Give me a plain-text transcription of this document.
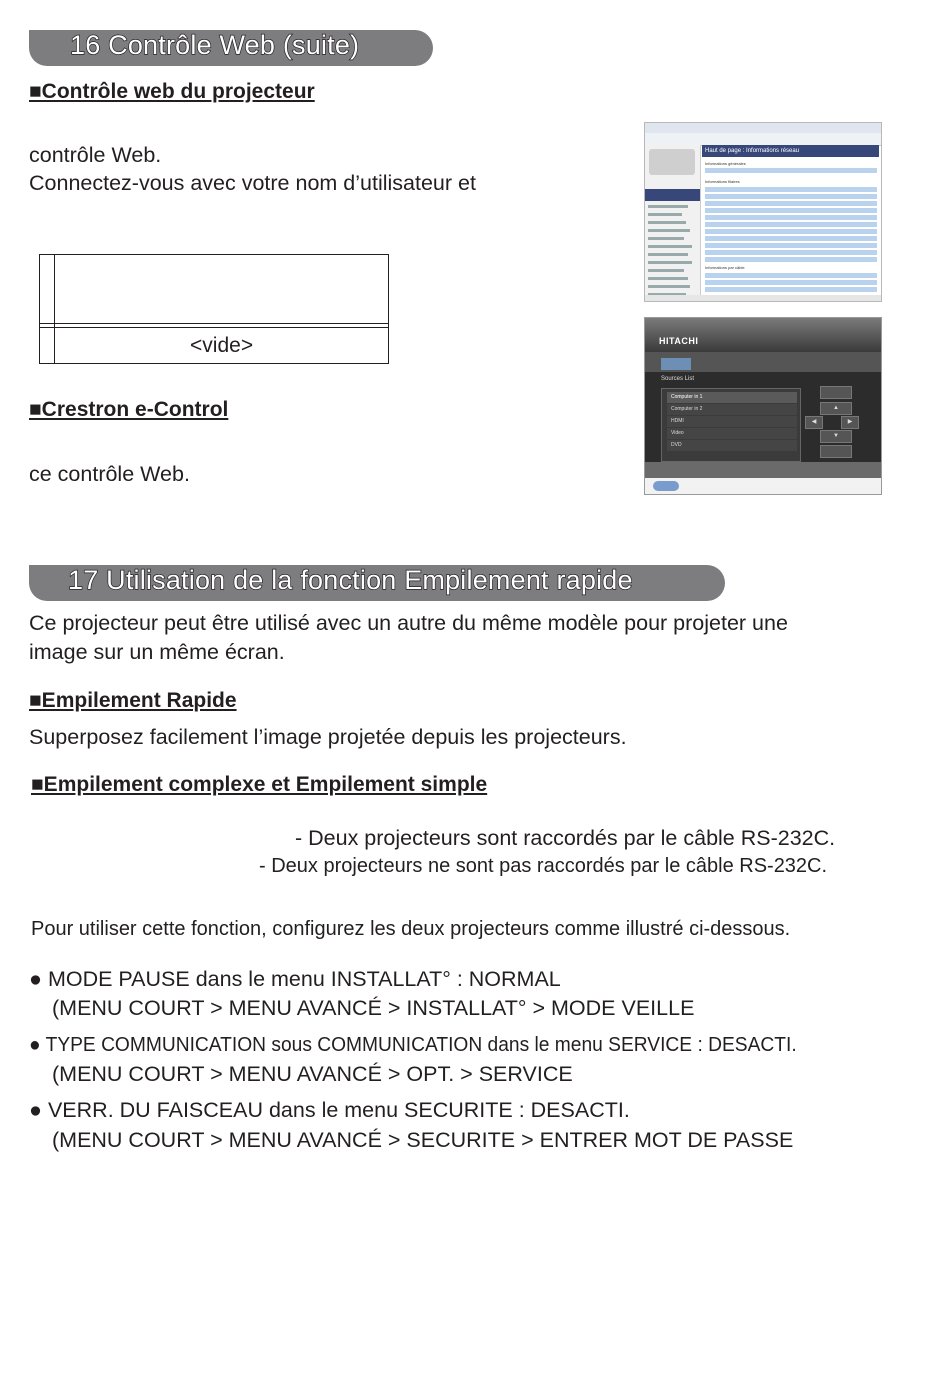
16 Contrôle Web (suite)
■Contrôle web du projecteur
contrôle Web.
Connectez-vous avec votre nom d’utilisateur et

	<vide>
■Crestron e-Control
ce contrôle Web.
Haut de page : Informations réseau
Informations générales
Informations filaires
Informations par câble
HITACHI
Sources List
Computer in 1
Computer in 2
HDMI
Video
DVD
▲
◀	▶
▼
17 Utilisation de la fonction Empilement rapide
Ce projecteur peut être utilisé avec un autre du même modèle pour projeter une
image sur un même écran.
■Empilement Rapide
Superposez facilement l’image projetée depuis les projecteurs.
■Empilement complexe et Empilement simple
- Deux projecteurs sont raccordés par le câble RS-232C.
- Deux projecteurs ne sont pas raccordés par le câble RS-232C.
Pour utiliser cette fonction, configurez les deux projecteurs comme illustré ci-dessous.
● MODE PAUSE dans le menu INSTALLAT° : NORMAL
(MENU COURT > MENU AVANCÉ > INSTALLAT° > MODE VEILLE
● TYPE COMMUNICATION sous COMMUNICATION dans le menu SERVICE : DESACTI.
(MENU COURT > MENU AVANCÉ > OPT. > SERVICE
● VERR. DU FAISCEAU dans le menu SECURITE : DESACTI.
(MENU COURT > MENU AVANCÉ > SECURITE > ENTRER MOT DE PASSE
